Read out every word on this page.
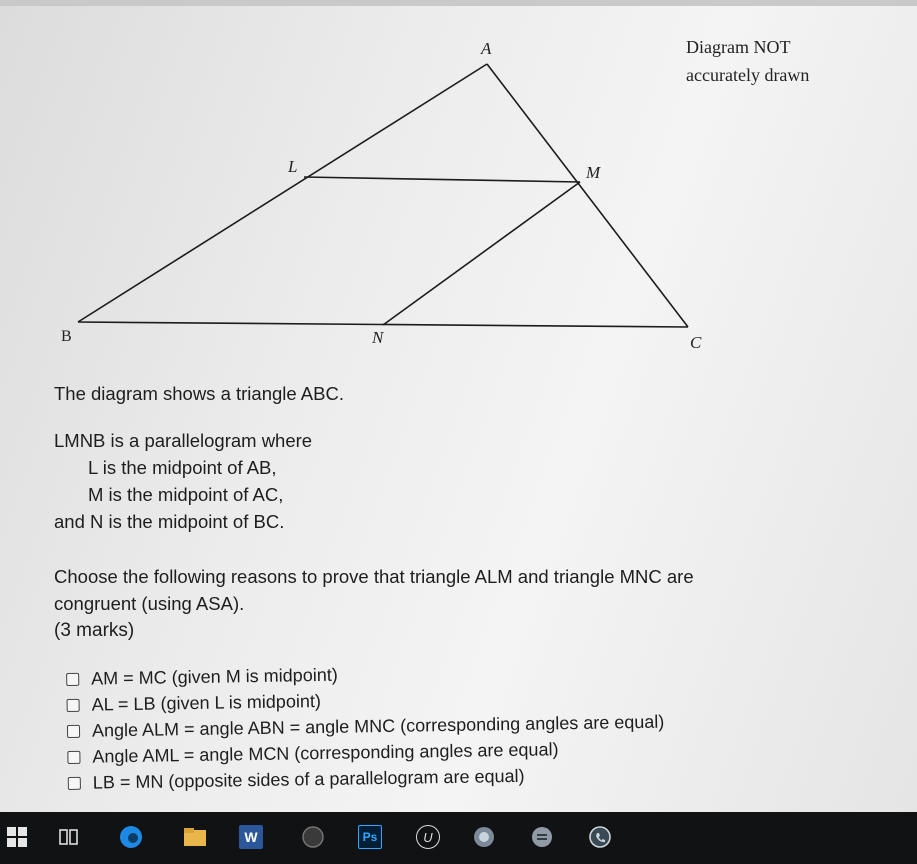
A
B	C
L	M
N
Diagram NOT
accurately drawn

The diagram shows a triangle ABC.

LMNB is a parallelogram where
L is the midpoint of AB,
M is the midpoint of AC,
and N is the midpoint of BC.
Choose the following reasons to prove that triangle ALM and triangle MNC are
congruent (using ASA).

(3 marks)

AM = MC (given M is midpoint)
AL = LB (given L is midpoint)
Angle ALM = angle ABN = angle MNC (corresponding angles are equal)
Angle AML = angle MCN (corresponding angles are equal)
LB = MN (opposite sides of a parallelogram are equal)
W	Ps	U
